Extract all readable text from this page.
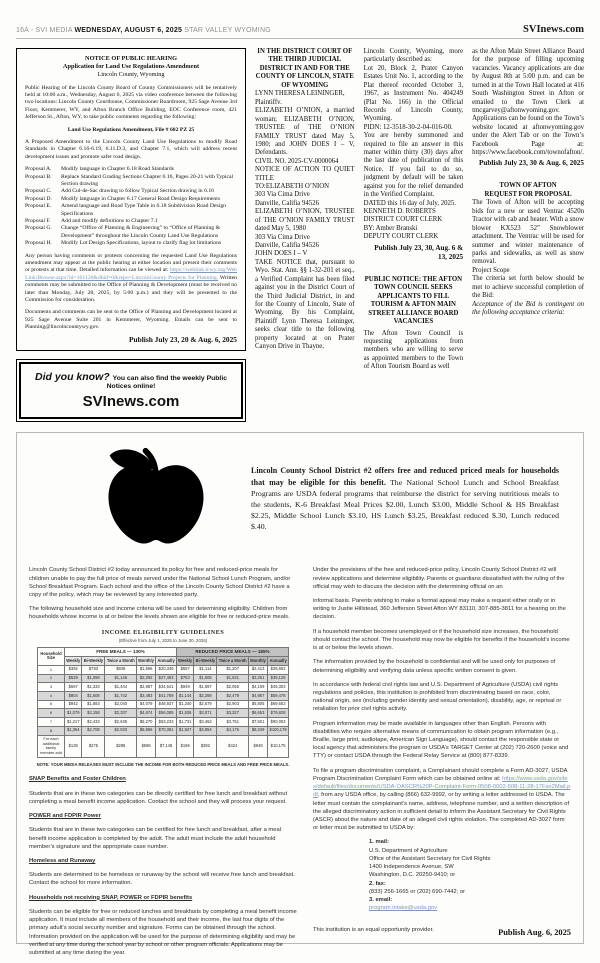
16A - SVI MEDIA WEDNESDAY, AUGUST 6, 2025 STAR VALLEY WYOMING	SVInews.com
NOTICE OF PUBLIC HEARING
Application for Land Use Regulations Amendment
Lincoln County, Wyoming

Public Hearing of the Lincoln County Board of County Commissioners will be tentatively held at 10:00 a.m., Wednesday, August 6, 2025 via video conference between the following two locations: Lincoln County Courthouse, Commissioner Boardroom, 925 Sage Avenue 3rd Floor, Kemmerer, WY, and Afton Branch Office Building, EOC Conference room, 421 Jefferson St., Afton, WY, to take public comments regarding the following:

Land Use Regulations Amendment, File # 602 PZ 25

A Proposed Amendment to the Lincoln County Land Use Regulations to modify Road Standards in Chapter 6.16-6.19, 6.11.D.3, and Chapter 7.1, which will address recent development issues and promote safer road design.

Proposal A.	Modify language in Chapter 6.18 Road Standards
Proposal B.	Replace Standard Grading Sections Chapter 6.16, Pages 20-21 with Typical Section drawing
Proposal C.	Add Cul-de-Sac drawing to follow Typical Section drawing in 6.16
Proposal D.	Modify language in Chapter 6.17 General Road Design Requirements
Proposal E.	Amend language and Road Type Table in 6.18 Subdivision Road Design Specifications
Proposal F.	Add and modify definitions to Chapter 7.1
Proposal G.	Change “Office of Planning & Engineering” to “Office of Planning & Development” throughout the Lincoln County Land Use Regulations
Proposal H.	Modify Lot Design Specifications, layout to clarify flag lot limitations

Any person having comments or protests concerning the requested Land Use Regulations amendment may appear at the public hearing at either location and present their comments or protests at that time. Detailed information can be viewed at: https://weblink.lcwy.org/WebLink/Browse.aspx?id=161128&dbid=0&repo=LincolnCounty Projects for Planning. Written comments may be submitted to the Office of Planning & Development (must be received no later than Monday, July 28, 2025, by 5:00 p.m.) and they will be presented to the Commission for consideration.

Documents and comments can be sent to the Office of Planning and Development located at 925 Sage Avenue Suite 201 in Kemmerer, Wyoming. Emails can be sent to Planning@lincolncountywy.gov.

Publish July 23, 20 & Aug. 6, 2025
Did you know? You can also find the weekly Public Notices online!
SVInews.com

IN THE DISTRICT COURT OF THE THIRD JUDICIAL DISTRICT IN AND FOR THE COUNTY OF LINCOLN, STATE OF WYOMING

LYNN THERESA LEININGER,

Plaintiffv.

ELIZABETH O’NION, a married woman; ELIZABETH O’NION, TRUSTEE of THE O’NION FAMILY TRUST dated May 5, 1980; and JOHN DOES I – V, Defendants.

CIVIL NO. 2025-CV-0000064

NOTICE OF ACTION TO QUIET TITLE

TO:ELIZABETH O’NION

303 Via Cima Drive

Danville, Califia 94526

ELIZABETH O’NION, TRUSTEE of THE O’NION FAMILY TRUST dated May 5, 1980

303 Via Cima Drive

Danville, Califia 94526

JOHN DOES I – V

TAKE NOTICE that, pursuant to Wyo. Stat. Ann. §§ 1-32-201 et seq., a Verified Complaint has been filed against you in the District Court of the Third Judicial District, in and for the County of Lincoln, State of Wyoming. By his Complaint, Plaintiff Lynn Theresa Leininger, seeks clear title to the following property located at on Prater Canyon Drive in Thayne,

Lincoln County, Wyoming, more particularly described as:

Lot 20, Block 2, Prater Canyon Estates Unit No. 1, according to the Plat thereof recorded October 3, 1967, as Instrument No. 404249 (Plat No. 166) in the Official Records of Lincoln County, Wyoming.

PIDN: 12-3518-30-2-04-016-00.

You are hereby summoned and required to file an answer in this matter within thirty (30) days after the last date of publication of this Notice. If you fail to do so, judgment by default will be taken against you for the relief demanded in the Verified Complaint.

DATED this 16 day of July, 2025.

KENNETH D. ROBERTS

DISTRICT COURT CLERK

BY: Amber Branski

DEPUTY COURT CLERK

Publish July 23, 30, Aug. 6 & 13, 2025

PUBLIC NOTICE: THE AFTON TOWN COUNCIL SEEKS APPLICANTS TO FILL TOURISM & AFTON MAIN STREET ALLIANCE BOARD VACANCIES

The Afton Town Council is requesting applications from members who are willing to serve as appointed members to the Town of Afton Tourism Board as well

as the Afton Main Street Alliance Board for the purpose of filling upcoming vacancies. Vacancy applications are due by August 8th at 5:00 p.m. and can be turned in at the Town Hall located at 416 South Washington Street in Afton or emailed to the Town Clerk at tmcgarvey@aftonwyoming.gov. Applications can be found on the Town’s website located at aftonwyoming.gov under the Alert Tab or on the Town’s Facebook Page at: https://www.facebook.com/townofafton/.

Publish July 23, 30 & Aug. 6, 2025

TOWN OF AFTON

REQUEST FOR PROPOSAL

The Town of Afton will be accepting bids for a new or used Ventrac 4520n Tractor with cab and heater. With a snow blower KX523 52” Snowblower attachment. The Ventrac will be used for summer and winter maintenance of parks and sidewalks, as well as snow removal.

Project Scope

The criteria set forth below should be met to achieve successful completion of the Bid:

Acceptance of the Bid is contingent on the following acceptance criteria:

Lincoln County School District #2 offers free and reduced priced meals for households that may be eligible for this benefit. The National School Lunch and School Breakfast Programs are USDA federal programs that reimburse the district for serving nutritious meals to the students, K-6 Breakfast Meal Prices $2.00, Lunch $3.00, Middle School & HS Breakfast $2.25, Middle School Lunch $3.10, HS Lunch $3.25, Breakfast reduced $.30, Lunch reduced $.40.

Lincoln County School District #2 today announced its policy for free and reduced-price meals for children unable to pay the full price of meals served under the National School Lunch Program, and/or School Breakfast Program. Each school and the office of the Lincoln County School District #2 have a copy of the policy, which may be reviewed by any interested party.

The following household size and income criteria will be used for determining eligibility. Children from households whose income is at or below the levels shown are eligible for free or reduced-price meals.

INCOME ELIGIBILITY GUIDELINES
(Effective from July 1, 2025 to June 30, 2026)
Household Size	FREE MEALS — 130%					REDUCED PRICE MEALS — 185%				
	Weekly	Bi-Weekly	Twice a Month	Monthly	Annually	Weekly	Bi-Weekly	Twice a Month	Monthly	Annually
1	$392	$783	$848	$1,696	$20,345	$557	$1,114	$1,207	$2,413	$28,953
2	$529	$1,058	$1,146	$2,292	$27,493	$753	$1,505	$1,631	$3,261	$39,128
3	$667	$1,333	$1,444	$2,887	$34,641	$949	$1,897	$2,055	$4,109	$49,303
4	$804	$1,608	$1,742	$3,483	$41,789	$1,144	$2,288	$2,479	$4,957	$59,478
5	$942	$1,883	$2,040	$4,079	$48,937	$1,340	$2,679	$2,903	$5,805	$69,653
6	$1,079	$2,158	$2,337	$4,674	$56,085	$1,536	$3,071	$3,327	$6,653	$79,828
7	$1,217	$2,433	$2,635	$5,270	$63,233	$1,731	$3,462	$3,751	$7,501	$90,003
8	$1,354	$2,708	$2,933	$5,866	$70,381	$1,927	$3,854	$4,175	$8,349	$100,178
For each additional family member add	$138	$275	$298	$596	$7,148	$196	$392	$424	$848	$10,175
NOTE: YOUR MEDIA RELEASES MUST INCLUDE THE INCOME FOR BOTH REDUCED PRICE MEALS AND FREE PRICE MEALS.

SNAP Benefits and Foster Children

Students that are in these two categories can be directly certified for free lunch and breakfast without completing a meal benefit income application. Contact the school and they will process your request.

POWER and FDPIR Power

Students that are in these two categories can be certified for free lunch and breakfast, after a meal benefit income application is completed by the adult. The adult must include the adult household member’s signature and the appropriate case number.

Homeless and Runaway

Students are determined to be homeless or runaway by the school will receive free lunch and breakfast. Contact the school for more information.

Households not receiving SNAP, POWER or FDPIR benefits

Students can be eligible for free or reduced lunches and breakfasts by completing a meal benefit income application. It must include all members of the household and their income, the last four digits of the primary adult’s social security number and signature. Forms can be obtained through the school. Information provided on the application will be used for the purpose of determining eligibility and may be verified at any time during the school year by school or other program officials. Applications may be submitted at any time during the year.

Under the provisions of the free and reduced-price policy, Lincoln County School District #2 will review applications and determine eligibility. Parents or guardians dissatisfied with the ruling of the official may wish to discuss the decision with the determining official on an

informal basis. Parents wishing to make a formal appeal may make a request either orally or in writing to Justie Hillstead, 360 Jefferson Street Afton WY 83110, 307-885-3811 for a hearing on the decision.

If a household member becomes unemployed or if the household size increases, the household should contact the school. The household may now be eligible for benefits if the household’s income is at or below the levels shown.

The information provided by the household is confidential and will be used only for purposes of determining eligibility and verifying data unless specific written consent is given.

In accordance with federal civil rights law and U.S. Department of Agriculture (USDA) civil rights regulations and policies, this institution is prohibited from discriminating based on race, color, national origin, sex (including gender identity and sexual orientation), disability, age, or reprisal or retaliation for prior civil rights activity.

Program information may be made available in languages other than English. Persons with disabilities who require alternative means of communication to obtain program information (e.g., Braille, large print, audiotape, American Sign Language), should contact the responsible state or local agency that administers the program or USDA’s TARGET Center at (202) 720-2600 (voice and TTY) or contact USDA through the Federal Relay Service at (800) 877-8339.

To file a program discrimination complaint, a Complainant should complete a Form AD-3027, USDA Program Discrimination Complaint Form which can be obtained online at: https://www.usda.gov/sites/default/files/documents/USDA-OASCR%20P-Complaint-Form-0508-0002-508-11-28-17Fax2Mail.pdf, from any USDA office, by calling (866) 632-9992, or by writing a letter addressed to USDA. The letter must contain the complainant’s name, address, telephone number, and a written description of the alleged discriminatory action in sufficient detail to inform the Assistant Secretary for Civil Rights (ASCR) about the nature and date of an alleged civil rights violation. The completed AD-3027 form or letter must be submitted to USDA by:

1. mail:
U.S. Department of Agriculture
Office of the Assistant Secretary for Civil Rights
1400 Independence Avenue, SW
Washington, D.C. 20250-9410; or
2. fax:
(833) 256-1665 or (202) 690-7442; or
3. email:
program.intake@usda.gov

This institution is an equal opportunity provider.	Publish Aug. 6, 2025
